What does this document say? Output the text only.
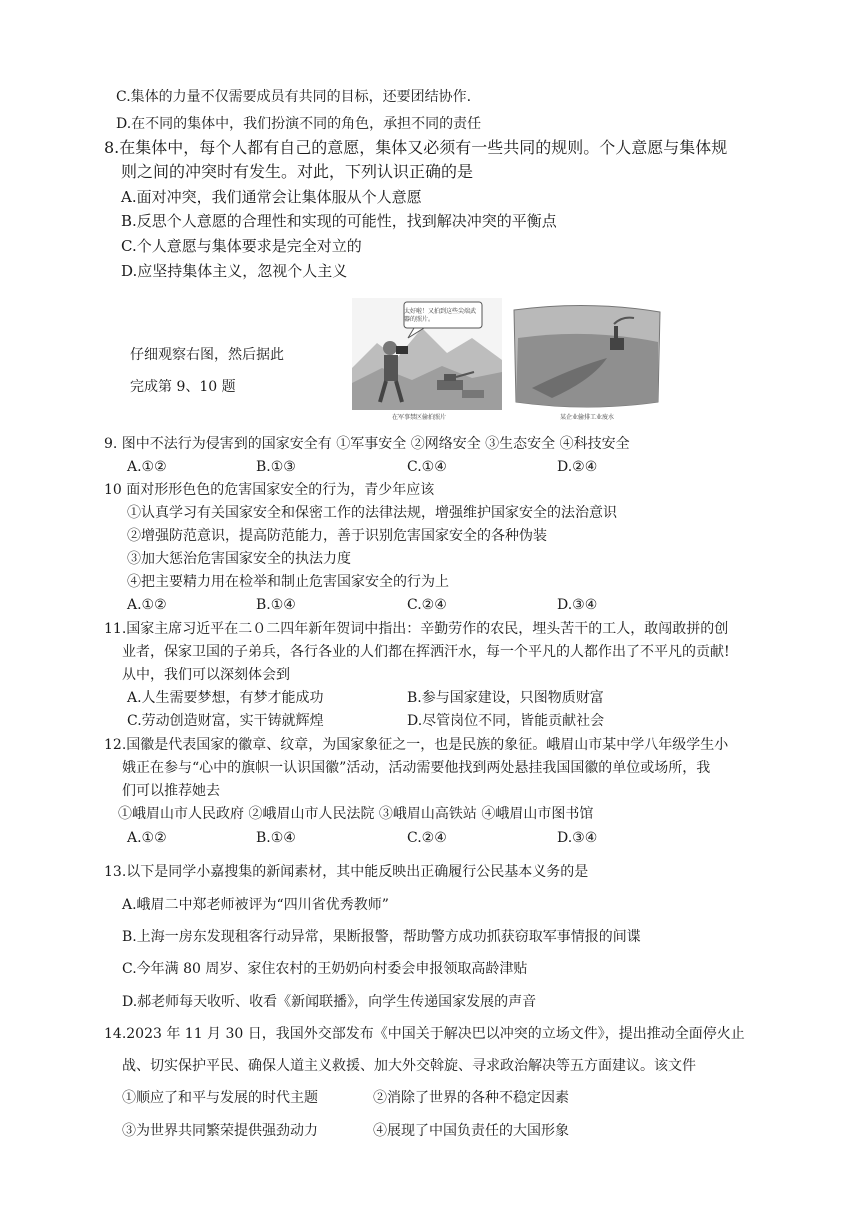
C.集体的力量不仅需要成员有共同的目标，还要团结协作.
D.在不同的集体中，我们扮演不同的角色，承担不同的责任
8.在集体中，每个人都有自己的意愿，集体又必须有一些共同的规则。个人意愿与集体规
则之间的冲突时有发生。对此，下列认识正确的是
A.面对冲突，我们通常会让集体服从个人意愿
B.反思个人意愿的合理性和实现的可能性，找到解决冲突的平衡点
C.个人意愿与集体要求是完全对立的
D.应坚持集体主义，忽视个人主义
仔细观察右图，然后据此
完成第 9、10 题
太好啦！又拍到这些尖端武器的照片。
在军事禁区偷拍照片	某企业偷排工业废水
9. 图中不法行为侵害到的国家安全有 ①军事安全 ②网络安全 ③生态安全 ④科技安全
A.①②	B.①③	C.①④	D.②④
10 面对形形色色的危害国家安全的行为，青少年应该
①认真学习有关国家安全和保密工作的法律法规，增强维护国家安全的法治意识
②增强防范意识，提高防范能力，善于识别危害国家安全的各种伪装
③加大惩治危害国家安全的执法力度
④把主要精力用在检举和制止危害国家安全的行为上
A.①②	B.①④	C.②④	D.③④
11.国家主席习近平在二０二四年新年贺词中指出：辛勤劳作的农民，埋头苦干的工人，敢闯敢拼的创
业者，保家卫国的子弟兵，各行各业的人们都在挥洒汗水，每一个平凡的人都作出了不平凡的贡献!
从中，我们可以深刻体会到
A.人生需要梦想，有梦才能成功	B.参与国家建设，只图物质财富
C.劳动创造财富，实干铸就辉煌	D.尽管岗位不同，皆能贡献社会
12.国徽是代表国家的徽章、纹章，为国家象征之一，也是民族的象征。峨眉山市某中学八年级学生小
娥正在参与“心中的旗帜一认识国徽”活动，活动需要他找到两处悬挂我国国徽的单位或场所，我
们可以推荐她去
①峨眉山市人民政府 ②峨眉山市人民法院 ③峨眉山高铁站 ④峨眉山市图书馆
A.①②	B.①④	C.②④	D.③④
13.以下是同学小嘉搜集的新闻素材，其中能反映出正确履行公民基本义务的是
A.峨眉二中郑老师被评为“四川省优秀教师”
B.上海一房东发现租客行动异常，果断报警，帮助警方成功抓获窃取军事情报的间谍
C.今年满 80 周岁、家住农村的王奶奶向村委会申报领取高龄津贴
D.郝老师每天收听、收看《新闻联播》，向学生传递国家发展的声音
14.2023 年 11 月 30 日，我国外交部发布《中国关于解决巴以冲突的立场文件》，提出推动全面停火止
战、切实保护平民、确保人道主义救援、加大外交斡旋、寻求政治解决等五方面建议。该文件
①顺应了和平与发展的时代主题	②消除了世界的各种不稳定因素
③为世界共同繁荣提供强劲动力	④展现了中国负责任的大国形象
